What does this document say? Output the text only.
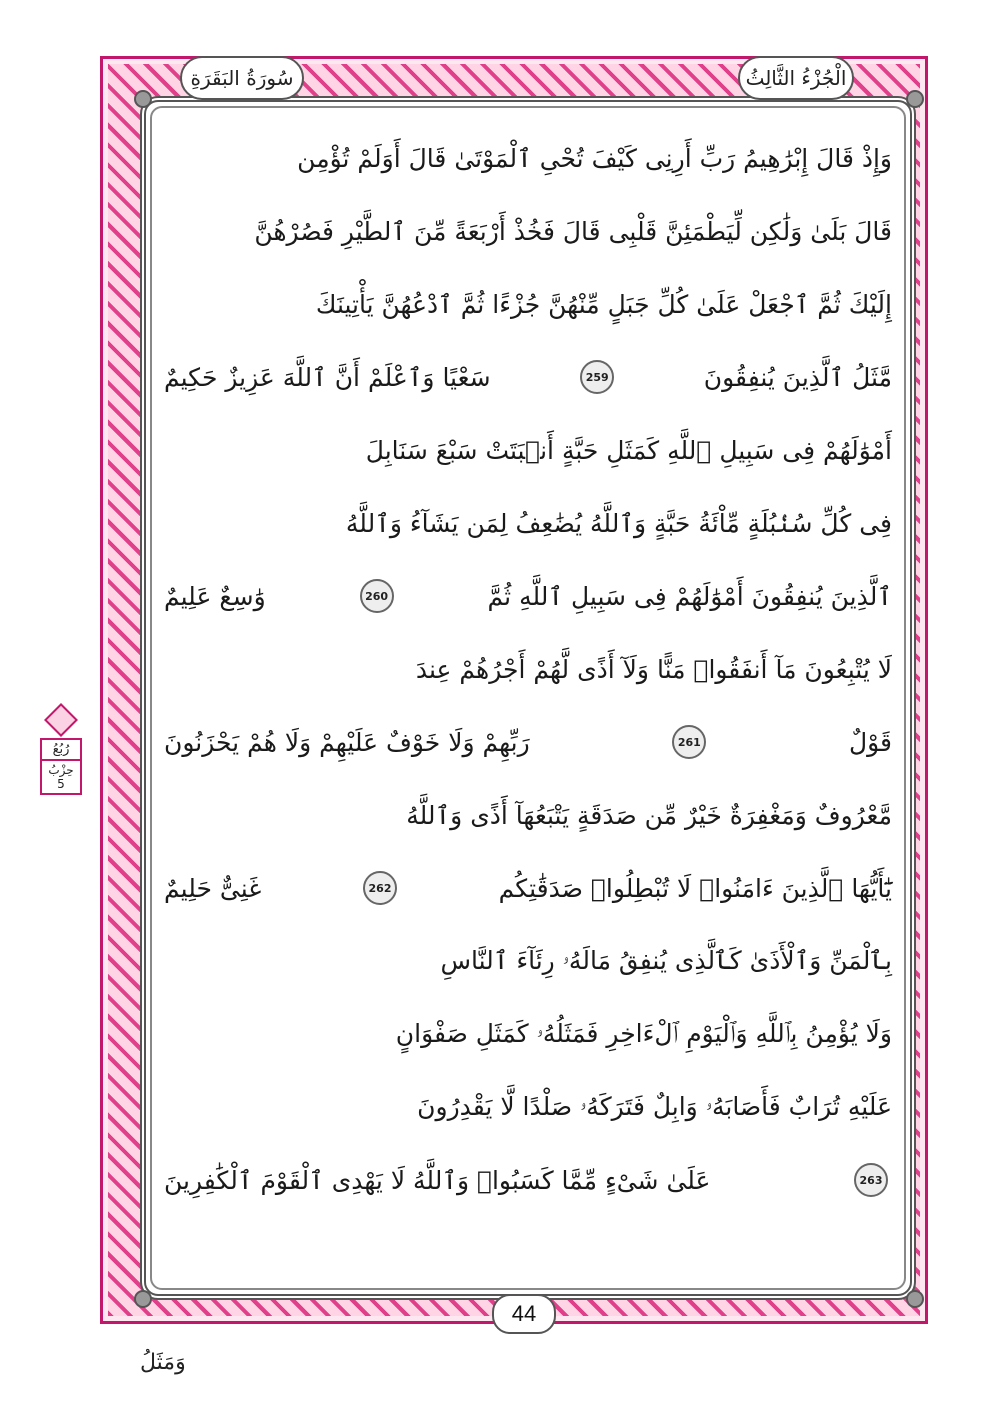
سُورَةُ البَقَرَةِ	الْجُزْءُ الثَّالِثُ
رُبُعُ
حِزْبُ
5
وَإِذْ قَالَ إِبْرَٰهِيمُ رَبِّ أَرِنِى كَيْفَ تُحْىِ ٱلْمَوْتَىٰ قَالَ أَوَلَمْ تُؤْمِن
قَالَ بَلَىٰ وَلَٰكِن لِّيَطْمَئِنَّ قَلْبِى قَالَ فَخُذْ أَرْبَعَةً مِّنَ ٱلطَّيْرِ فَصُرْهُنَّ
إِلَيْكَ ثُمَّ ٱجْعَلْ عَلَىٰ كُلِّ جَبَلٍ مِّنْهُنَّ جُزْءًا ثُمَّ ٱدْعُهُنَّ يَأْتِينَكَ
مَّثَلُ ٱلَّذِينَ يُنفِقُونَ
259
سَعْيًا وَٱعْلَمْ أَنَّ ٱللَّهَ عَزِيزٌ حَكِيمٌ
أَمْوَٰلَهُمْ فِى سَبِيلِ ٱللَّهِ كَمَثَلِ حَبَّةٍ أَنۢبَتَتْ سَبْعَ سَنَابِلَ
فِى كُلِّ سُنۢبُلَةٍ مِّاْئَةُ حَبَّةٍ وَٱللَّهُ يُضَٰعِفُ لِمَن يَشَآءُ وَٱللَّهُ
ٱلَّذِينَ يُنفِقُونَ أَمْوَٰلَهُمْ فِى سَبِيلِ ٱللَّهِ ثُمَّ
260
وَٰسِعٌ عَلِيمٌ
لَا يُتْبِعُونَ مَآ أَنفَقُوا۟ مَنًّا وَلَآ أَذًى لَّهُمْ أَجْرُهُمْ عِندَ
قَوْلٌ
261
رَبِّهِمْ وَلَا خَوْفٌ عَلَيْهِمْ وَلَا هُمْ يَحْزَنُونَ
مَّعْرُوفٌ وَمَغْفِرَةٌ خَيْرٌ مِّن صَدَقَةٍ يَتْبَعُهَآ أَذًى وَٱللَّهُ
يَٰٓأَيُّهَا ٱلَّذِينَ ءَامَنُوا۟ لَا تُبْطِلُوا۟ صَدَقَٰتِكُم
262
غَنِىٌّ حَلِيمٌ
بِٱلْمَنِّ وَٱلْأَذَىٰ كَٱلَّذِى يُنفِقُ مَالَهُۥ رِئَآءَ ٱلنَّاسِ
وَلَا يُؤْمِنُ بِٱللَّهِ وَٱلْيَوْمِ ٱلْءَاخِرِ فَمَثَلُهُۥ كَمَثَلِ صَفْوَانٍ
عَلَيْهِ تُرَابٌ فَأَصَابَهُۥ وَابِلٌ فَتَرَكَهُۥ صَلْدًا لَّا يَقْدِرُونَ
263
عَلَىٰ شَىْءٍ مِّمَّا كَسَبُوا۟ وَٱللَّهُ لَا يَهْدِى ٱلْقَوْمَ ٱلْكَٰفِرِينَ
44
وَمَثَلُ
